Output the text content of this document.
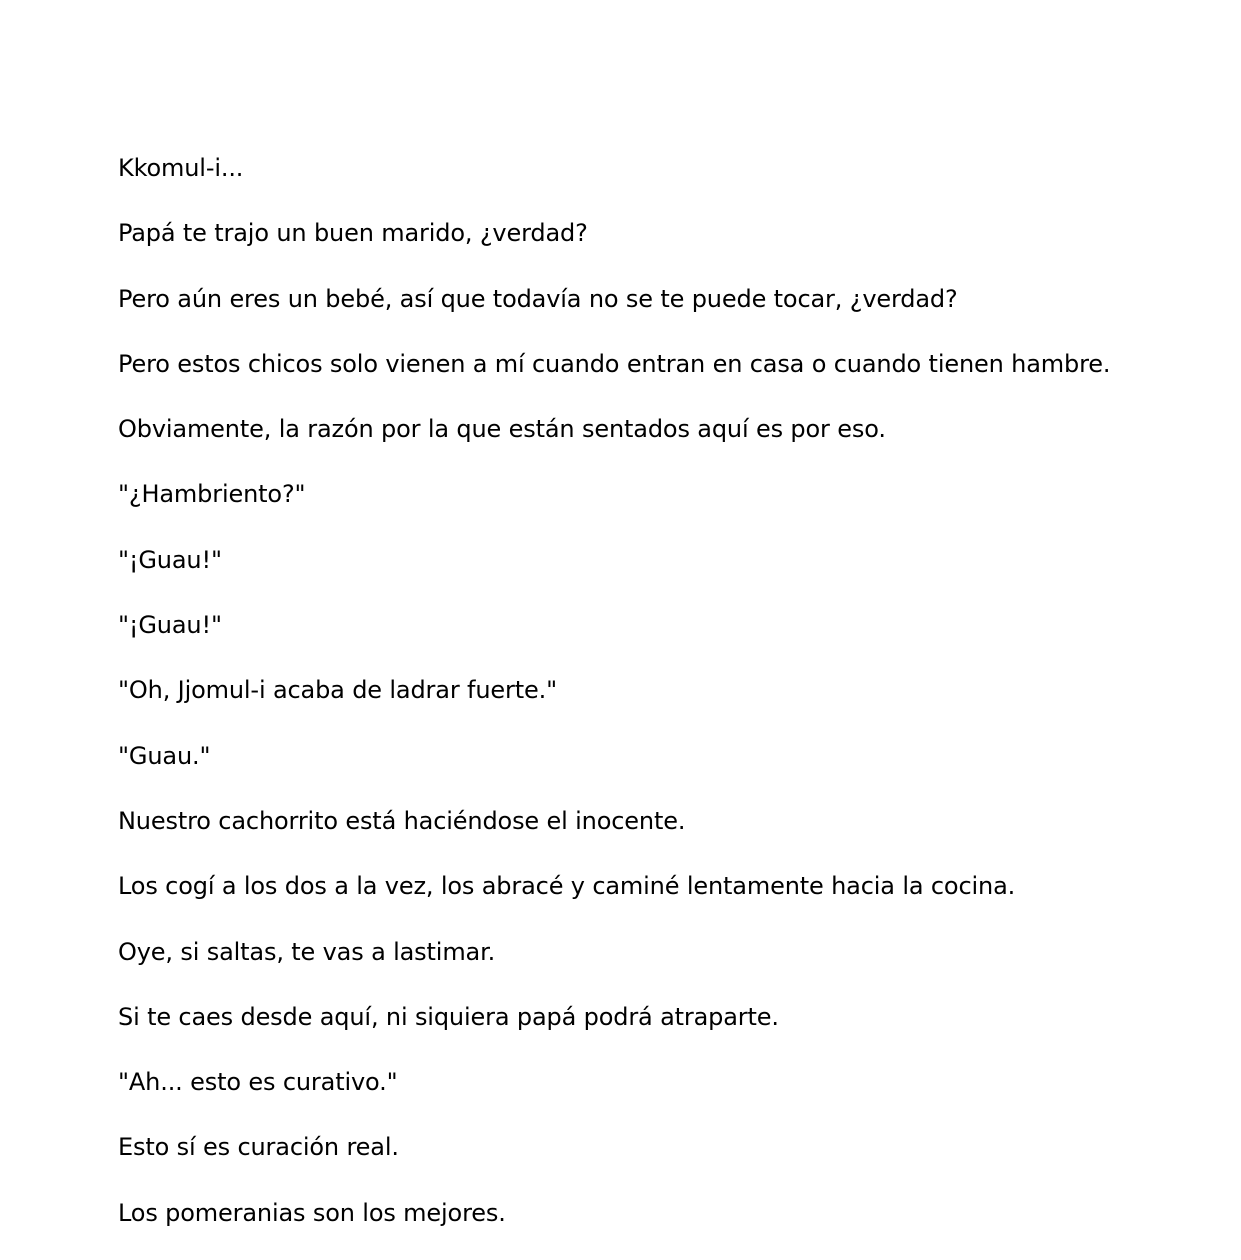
Kkomul-i...

Papá te trajo un buen marido, ¿verdad?

Pero aún eres un bebé, así que todavía no se te puede tocar, ¿verdad?

Pero estos chicos solo vienen a mí cuando entran en casa o cuando tienen hambre.

Obviamente, la razón por la que están sentados aquí es por eso.

"¿Hambriento?"

"¡Guau!"

"¡Guau!"

"Oh, Jjomul-i acaba de ladrar fuerte."

"Guau."

Nuestro cachorrito está haciéndose el inocente.

Los cogí a los dos a la vez, los abracé y caminé lentamente hacia la cocina.

Oye, si saltas, te vas a lastimar.

Si te caes desde aquí, ni siquiera papá podrá atraparte.

"Ah... esto es curativo."

Esto sí es curación real.

Los pomeranias son los mejores.
